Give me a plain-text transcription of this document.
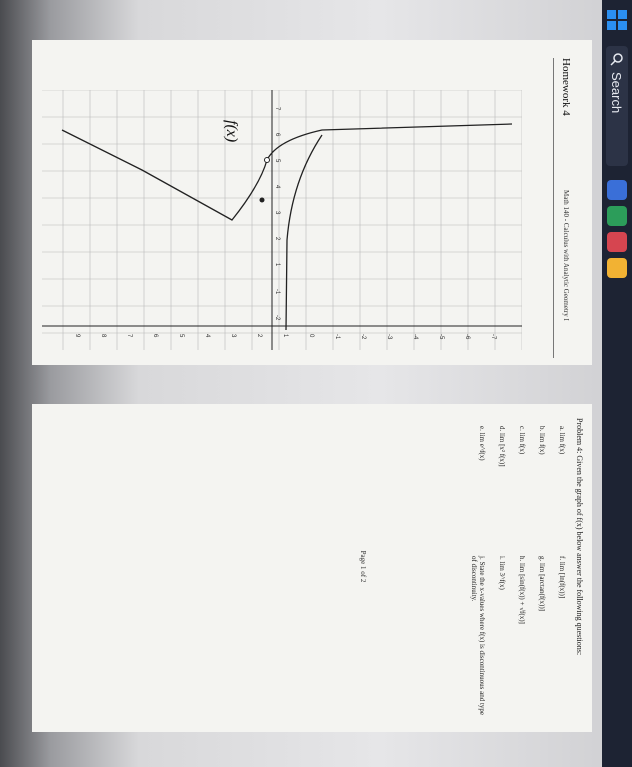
Search
Homework 4
Math 140 - Calculus with Analytic Geometry I
-7
-6
-5
-4
-3
-2
-1
0
1
2
3
4
5
6
7
8
9
-2
-1
1
2
3
4
5
6
7
f(x)
Problem 4: Given the graph of f(x) below answer the following questions:
a. lim f(x)
f. lim [ln(f(x))]
b. lim f(x)
g. lim [arctan(f(x))]
c. lim f(x)
h. lim [sin(f(x)) + √f(x)]
d. lim [x² f(x)]
i. lim 3^f(x)
e. lim e^f(x)
j. State the x-values where f(x) is discontinuous and type of discontinuity.
Page 1 of 2
